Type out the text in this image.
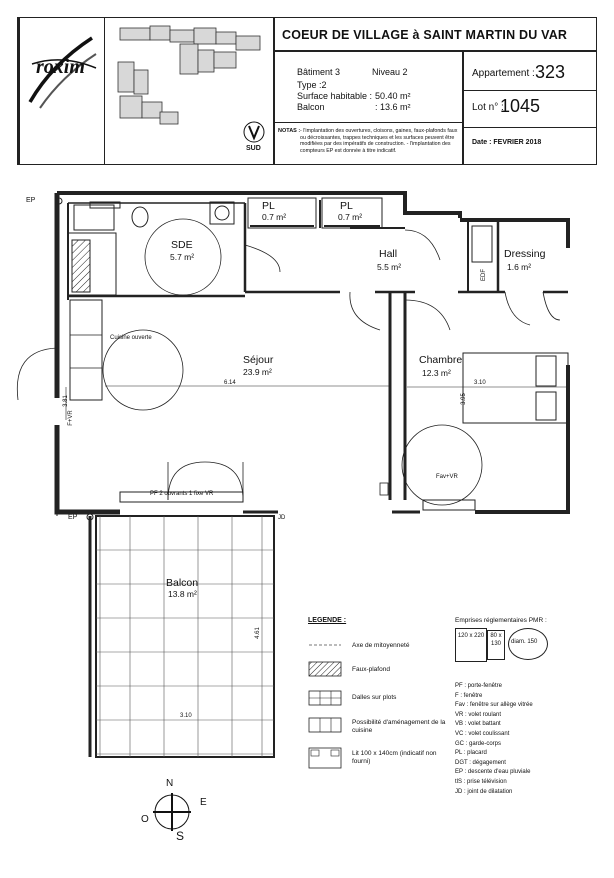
roxim
COEUR DE VILLAGE à SAINT MARTIN DU VAR
Bâtiment 3	Niveau 2
Type :2
Surface habitable : 50.40 m²
Balcon	: 13.6 m²
SUD
NOTAS : - l'implantation des ouvertures, cloisons, gaines, faux-plafonds faux ou décroissantes, trappes techniques et les surfaces peuvent être modifiées par des impératifs de construction. - l'implantation des compteurs EP est donnée à titre indicatif.
Appartement : 323
Lot n° :
1045
Date : FEVRIER 2018
SDE
5.7 m²
PL
0.7 m²
PL
0.7 m²
Hall
5.5 m²
Dressing
1.6 m²
Séjour
23.9 m²
Chambre
12.3 m²
Balcon
13.8 m²
EP
EP
Cuisine ouverte
6.14	3.10
3.95
3.81
4.61
3.10
PF 2 ouvrants 1 fixe VR
Fav+VR
EDF
JD
F+VR
LEGENDE :
Axe de mitoyenneté
Faux-plafond
Dalles sur plots
Possibilité d'aménagement de la cuisine
Lit 100 x 140cm (indicatif non fourni)
Emprises réglementaires PMR :
120 x 220	80 x 130	diam. 150
PF : porte-fenêtre
F : fenêtre
Fav : fenêtre sur allège vitrée
VR : volet roulant
VB : volet battant
VC : volet coulissant
GC : garde-corps
PL : placard
DGT : dégagement
EP : descente d'eau pluviale
tlS : prise télévision
JD : joint de dilatation
N
S
E
O
